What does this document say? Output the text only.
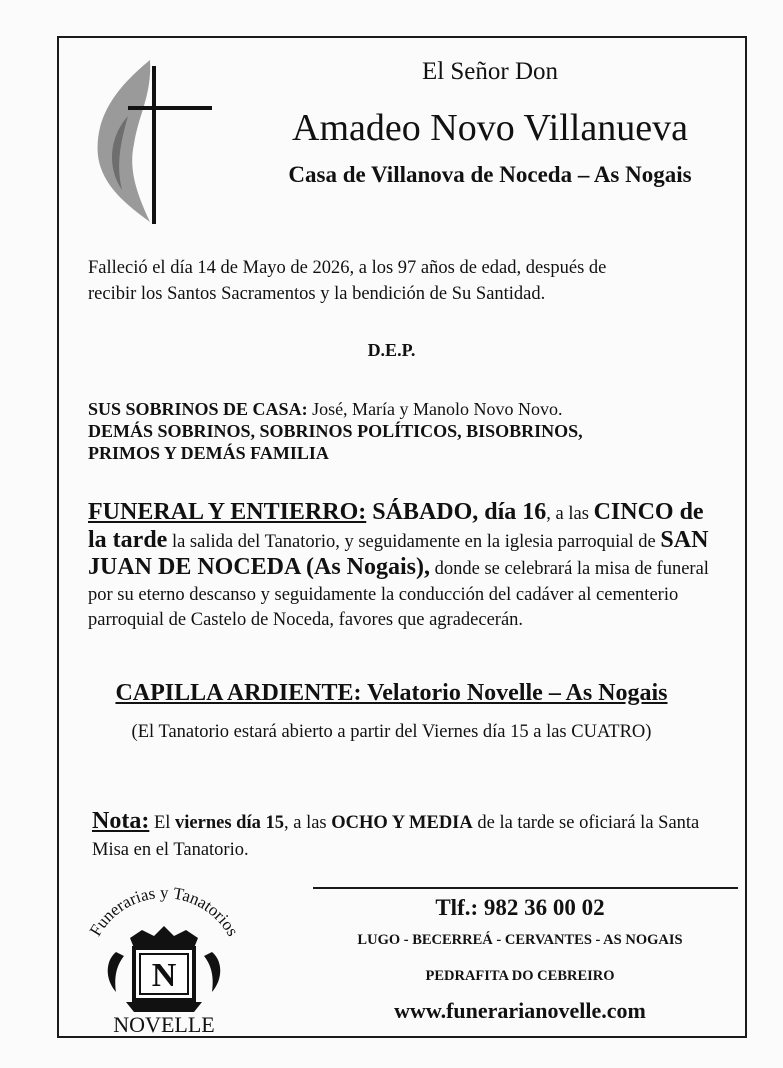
El Señor Don
Amadeo Novo Villanueva
Casa de Villanova de Noceda – As Nogais
Falleció el día 14 de Mayo de 2026, a los 97 años de edad, después de
recibir los Santos Sacramentos y la bendición de Su Santidad.
D.E.P.
SUS SOBRINOS DE CASA: José, María y Manolo Novo Novo.
DEMÁS SOBRINOS, SOBRINOS POLÍTICOS, BISOBRINOS,
PRIMOS Y DEMÁS FAMILIA
FUNERAL Y ENTIERRO: SÁBADO, día 16, a las CINCO de la tarde la salida del Tanatorio, y seguidamente en la iglesia parroquial de SAN JUAN DE NOCEDA (As Nogais), donde se celebrará la misa de funeral por su eterno descanso y seguidamente la conducción del cadáver al cementerio parroquial de Castelo de Noceda, favores que agradecerán.
CAPILLA ARDIENTE: Velatorio Novelle – As Nogais
(El Tanatorio estará abierto a partir del Viernes día 15 a las CUATRO)
Nota: El viernes día 15, a las OCHO Y MEDIA de la tarde se oficiará la Santa Misa en el Tanatorio.
Tlf.: 982 36 00 02
LUGO - BECERREÁ - CERVANTES - AS NOGAIS
PEDRAFITA DO CEBREIRO
www.funerarianovelle.com
Funerarias y Tanatorios
N
NOVELLE
